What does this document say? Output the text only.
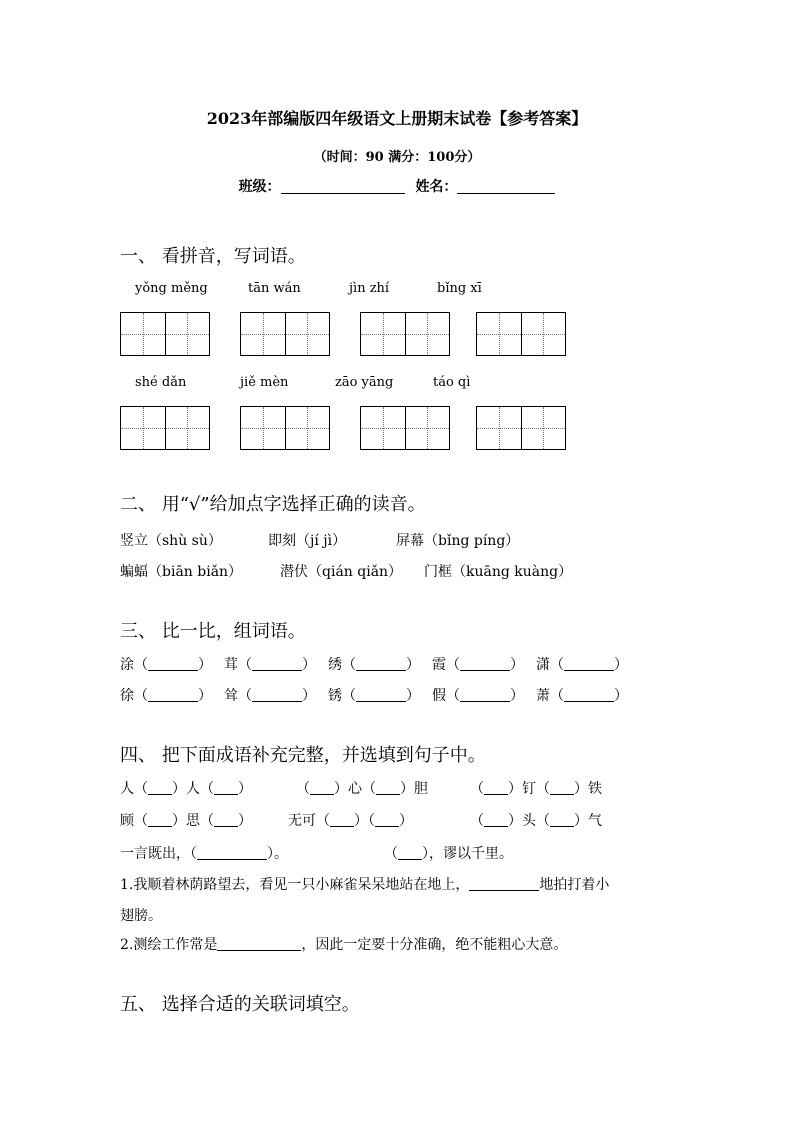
2023年部编版四年级语文上册期末试卷【参考答案】
（时间：90 满分：100分）
班级：	姓名：
一、 看拼音，写词语。
yǒng měng	tān wán	jìn zhí	bǐng xī
shé dǎn	jiě mèn	zāo yāng	táo qì
二、 用“√”给加点字选择正确的读音。
竖立（shù sù）	即刻（jí jì）	屏幕（bǐng píng）
蝙蝠（biān biǎn）	潜伏（qián qiǎn） 门框（kuāng kuàng）
三、 比一比，组词语。
涂（	） 茸（	） 绣（	） 霞（	） 潇（	）
徐（	） 耸（	） 锈（	） 假（	） 萧（	）
四、 把下面成语补充完整，并选填到句子中。
人（ ）人（ ）	（ ）心（ ）胆	（ ）钉（ ）铁
顾（ ）思（ ）	无可（ ）（ ）	（ ）头（ ）气
一言既出，（	）。	（ ），谬以千里。
1.我顺着林荫路望去，看见一只小麻雀呆呆地站在地上，	地拍打着小
翅膀。
2.测绘工作常是	，因此一定要十分准确，绝不能粗心大意。
五、 选择合适的关联词填空。
